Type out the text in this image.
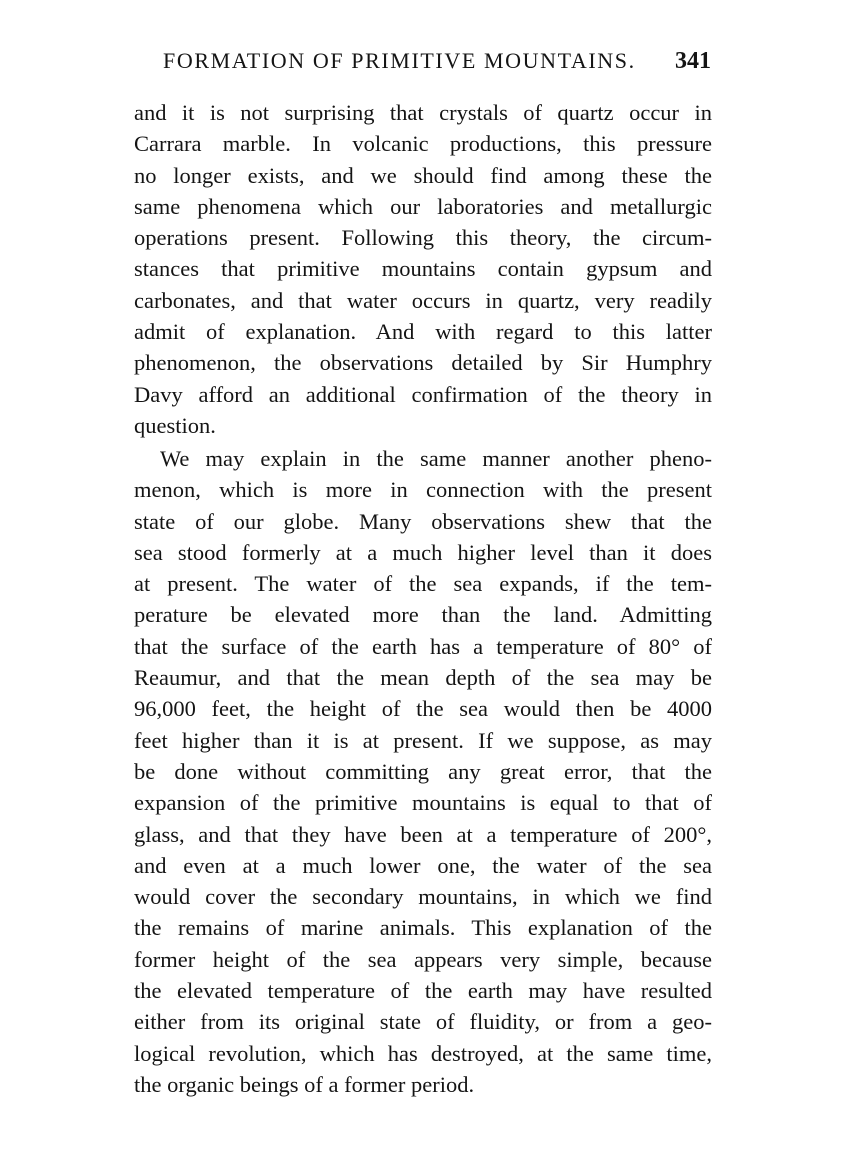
FORMATION OF PRIMITIVE MOUNTAINS. 341
and it is not surprising that crystals of quartz occur in
Carrara marble. In volcanic productions, this pressure
no longer exists, and we should find among these the
same phenomena which our laboratories and metallurgic
operations present. Following this theory, the circum-
stances that primitive mountains contain gypsum and
carbonates, and that water occurs in quartz, very readily
admit of explanation. And with regard to this latter
phenomenon, the observations detailed by Sir Humphry
Davy afford an additional confirmation of the theory in
question.
We may explain in the same manner another pheno-
menon, which is more in connection with the present
state of our globe. Many observations shew that the
sea stood formerly at a much higher level than it does
at present. The water of the sea expands, if the tem-
perature be elevated more than the land. Admitting
that the surface of the earth has a temperature of 80° of
Reaumur, and that the mean depth of the sea may be
96,000 feet, the height of the sea would then be 4000
feet higher than it is at present. If we suppose, as may
be done without committing any great error, that the
expansion of the primitive mountains is equal to that of
glass, and that they have been at a temperature of 200°,
and even at a much lower one, the water of the sea
would cover the secondary mountains, in which we find
the remains of marine animals. This explanation of the
former height of the sea appears very simple, because
the elevated temperature of the earth may have resulted
either from its original state of fluidity, or from a geo-
logical revolution, which has destroyed, at the same time,
the organic beings of a former period.
